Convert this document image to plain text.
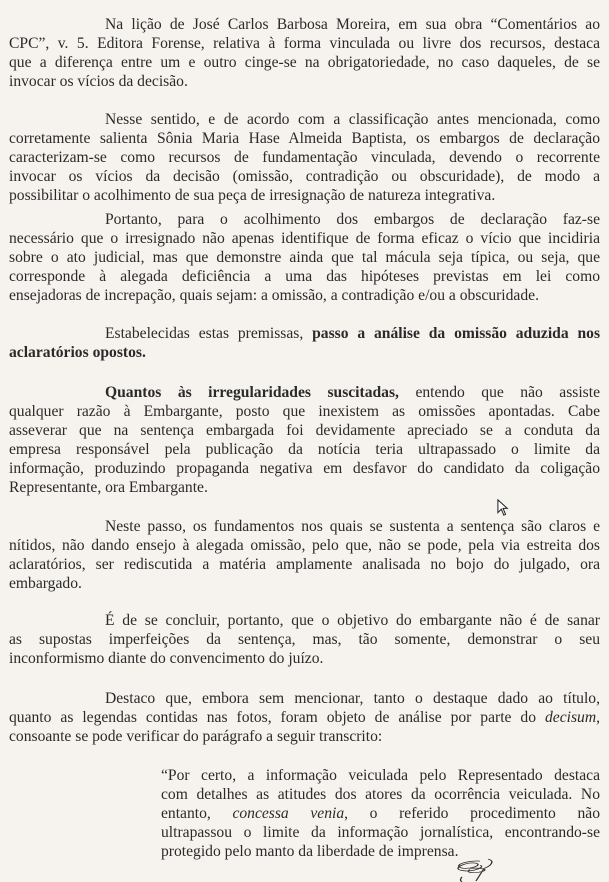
Na lição de José Carlos Barbosa Moreira, em sua obra “Comentários ao
CPC”, v. 5. Editora Forense, relativa à forma vinculada ou livre dos recursos, destaca
que a diferença entre um e outro cinge-se na obrigatoriedade, no caso daqueles, de se
invocar os vícios da decisão.
Nesse sentido, e de acordo com a classificação antes mencionada, como
corretamente salienta Sônia Maria Hase Almeida Baptista, os embargos de declaração
caracterizam-se como recursos de fundamentação vinculada, devendo o recorrente
invocar os vícios da decisão (omissão, contradição ou obscuridade), de modo a
possibilitar o acolhimento de sua peça de irresignação de natureza integrativa.
Portanto, para o acolhimento dos embargos de declaração faz-se
necessário que o irresignado não apenas identifique de forma eficaz o vício que incidiria
sobre o ato judicial, mas que demonstre ainda que tal mácula seja típica, ou seja, que
corresponde à alegada deficiência a uma das hipóteses previstas em lei como
ensejadoras de increpação, quais sejam: a omissão, a contradição e/ou a obscuridade.
Estabelecidas estas premissas, passo a análise da omissão aduzida nos
aclaratórios opostos.
Quantos às irregularidades suscitadas, entendo que não assiste
qualquer razão à Embargante, posto que inexistem as omissões apontadas. Cabe
asseverar que na sentença embargada foi devidamente apreciado se a conduta da
empresa responsável pela publicação da notícia teria ultrapassado o limite da
informação, produzindo propaganda negativa em desfavor do candidato da coligação
Representante, ora Embargante.
Neste passo, os fundamentos nos quais se sustenta a sentença são claros e
nítidos, não dando ensejo à alegada omissão, pelo que, não se pode, pela via estreita dos
aclaratórios, ser rediscutida a matéria amplamente analisada no bojo do julgado, ora
embargado.
É de se concluir, portanto, que o objetivo do embargante não é de sanar
as supostas imperfeições da sentença, mas, tão somente, demonstrar o seu
inconformismo diante do convencimento do juízo.
Destaco que, embora sem mencionar, tanto o destaque dado ao título,
quanto as legendas contidas nas fotos, foram objeto de análise por parte do decisum,
consoante se pode verificar do parágrafo a seguir transcrito:
“Por certo, a informação veiculada pelo Representado destaca
com detalhes as atitudes dos atores da ocorrência veiculada. No
entanto, concessa venia, o referido procedimento não
ultrapassou o limite da informação jornalística, encontrando-se
protegido pelo manto da liberdade de imprensa.
